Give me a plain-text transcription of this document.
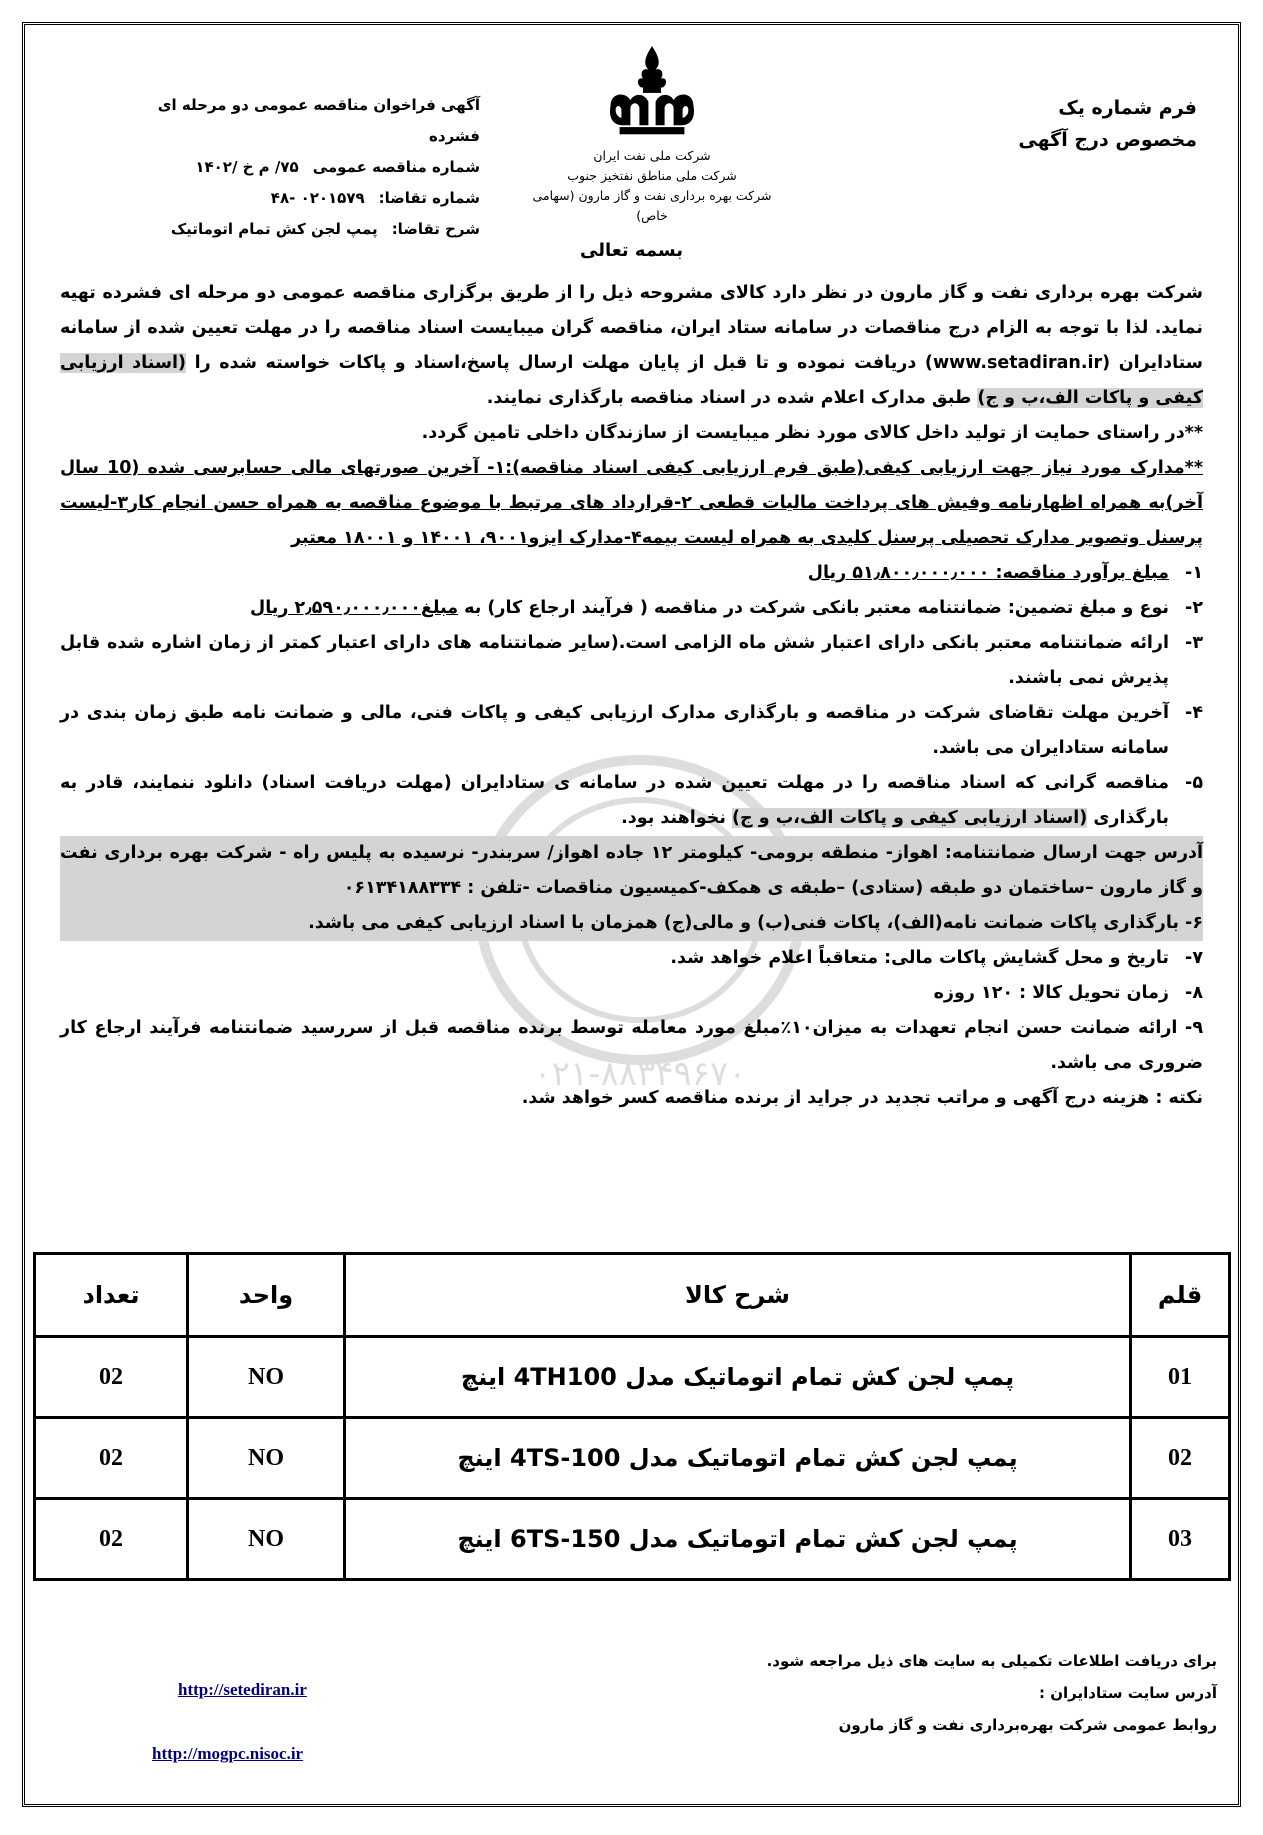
فرم شماره یک
مخصوص درج آگهی
شرکت ملی نفت ایران
شرکت ملی مناطق نفتخیز جنوب
شرکت بهره برداری نفت و گاز مارون (سهامی خاص)
آگهی فراخوان مناقصه عمومی دو مرحله ای فشرده
شماره مناقصه عمومی
۷۵/ م خ /۱۴۰۲
شماره تقاضا:
۰۲۰۱۵۷۹ -۴۸
شرح تقاضا:
پمپ لجن کش تمام اتوماتیک
بسمه تعالی
۰۲۱-۸۸۳۴۹۶۷۰

شرکت بهره برداری نفت و گاز مارون در نظر دارد کالای مشروحه ذیل را از طریق برگزاری مناقصه عمومی دو مرحله ای فشرده تهیه نماید. لذا با توجه به الزام درج مناقصات در سامانه ستاد ایران، مناقصه گران میبایست اسناد مناقصه را در مهلت تعیین شده از سامانه ستادایران (www.setadiran.ir) دریافت نموده و تا قبل از پایان مهلت ارسال پاسخ،اسناد و پاکات خواسته شده را (اسناد ارزیابی کیفی و پاکات الف،ب و ج) طبق مدارک اعلام شده در اسناد مناقصه بارگذاری نمایند.

**در راستای حمایت از تولید داخل کالای مورد نظر میبایست از سازندگان داخلی تامین گردد.

**مدارک مورد نیاز جهت ارزیابی کیفی(طبق فرم ارزیابی کیفی اسناد مناقصه):۱- آخرین صورتهای مالی حسابرسی شده (10 سال آخر)به همراه اظهارنامه وفیش های پرداخت مالیات قطعی ۲-قرارداد های مرتبط با موضوع مناقصه به همراه حسن انجام کار۳-لیست پرسنل وتصویر مدارک تحصیلی پرسنل کلیدی به همراه لیست بیمه۴-مدارک ایزو۹۰۰۱، ۱۴۰۰۱ و ۱۸۰۰۱ معتبر

۱-
مبلغ برآورد مناقصه: ۵۱٫۸۰۰٫۰۰۰٫۰۰۰ ریال
۲-
نوع و مبلغ تضمین: ضمانتنامه معتبر بانکی شرکت در مناقصه ( فرآیند ارجاع کار) به مبلغ۲٫۵۹۰٫۰۰۰٫۰۰۰ ریال
۳-
ارائه ضمانتنامه معتبر بانکی دارای اعتبار شش ماه الزامی است.(سایر ضمانتنامه های دارای اعتبار کمتر از زمان اشاره شده قابل پذیرش نمی باشند.
۴-
آخرین مهلت تقاضای شرکت در مناقصه و بارگذاری مدارک ارزیابی کیفی و پاکات فنی، مالی و ضمانت نامه طبق زمان بندی در سامانه ستادایران می باشد.
۵-
مناقصه گرانی که اسناد مناقصه را در مهلت تعیین شده در سامانه ی ستادایران (مهلت دریافت اسناد) دانلود ننمایند، قادر به بارگذاری (اسناد ارزیابی کیفی و پاکات الف،ب و ج) نخواهند بود.

آدرس جهت ارسال ضمانتنامه: اهواز- منطقه برومی- کیلومتر ۱۲ جاده اهواز/ سربندر- نرسیده به پلیس راه - شرکت بهره برداری نفت و گاز مارون –ساختمان دو طبقه (ستادی) –طبقه ی همکف-کمیسیون مناقصات -تلفن : ۰۶۱۳۴۱۸۸۳۳۴

۶- بارگذاری پاکات ضمانت نامه(الف)، پاکات فنی(ب) و مالی(ج) همزمان با اسناد ارزیابی کیفی می باشد.

۷-
تاریخ و محل گشایش پاکات مالی: متعاقباً اعلام خواهد شد.
۸-
زمان تحویل کالا : ۱۲۰ روزه

۹- ارائه ضمانت حسن انجام تعهدات به میزان۱۰٪مبلغ مورد معامله توسط برنده مناقصه قبل از سررسید ضمانتنامه فرآیند ارجاع کار ضروری می باشد.

نکته : هزینه درج آگهی و مراتب تجدید در جراید از برنده مناقصه کسر خواهد شد.

قلم	شرح کالا	واحد	تعداد
01	پمپ لجن کش تمام اتوماتیک مدل 4TH100 اینچ	NO	02
02	پمپ لجن کش تمام اتوماتیک مدل 4TS-100 اینچ	NO	02
03	پمپ لجن کش تمام اتوماتیک مدل 6TS-150 اینچ	NO	02
برای دریافت اطلاعات تکمیلی به سایت های ذیل مراجعه شود.
آدرس سایت ستادایران :
روابط عمومی شرکت بهره‌برداری نفت و گاز مارون
http://setediran.ir
http://mogpc.nisoc.ir
